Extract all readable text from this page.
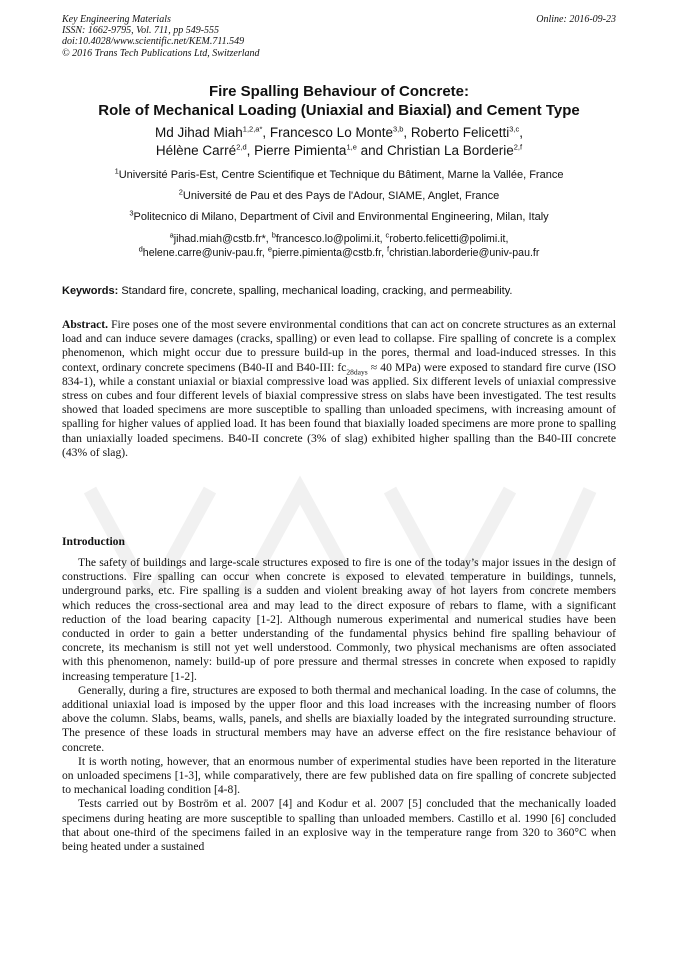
Key Engineering Materials
ISSN: 1662-9795, Vol. 711, pp 549-555
doi:10.4028/www.scientific.net/KEM.711.549
© 2016 Trans Tech Publications Ltd, Switzerland
Online: 2016-09-23
Fire Spalling Behaviour of Concrete:
Role of Mechanical Loading (Uniaxial and Biaxial) and Cement Type
Md Jihad Miah$^{1,2,a*}$, Francesco Lo Monte$^{3,b}$, Roberto Felicetti$^{3,c}$,
Hélène Carré$^{2,d}$, Pierre Pimienta$^{1,e}$ and Christian La Borderie$^{2,f}$
$^1$Université Paris-Est, Centre Scientifique et Technique du Bâtiment, Marne la Vallée, France
$^2$Université de Pau et des Pays de l'Adour, SIAME, Anglet, France
$^3$Politecnico di Milano, Department of Civil and Environmental Engineering, Milan, Italy
$^a$jihad.miah@cstb.fr*, $^b$francesco.lo@polimi.it, $^c$roberto.felicetti@polimi.it,
$^d$helene.carre@univ-pau.fr, $^e$pierre.pimienta@cstb.fr, $^f$christian.laborderie@univ-pau.fr
Keywords: Standard fire, concrete, spalling, mechanical loading, cracking, and permeability.
Abstract. Fire poses one of the most severe environmental conditions that can act on concrete structures as an external load and can induce severe damages (cracks, spalling) or even lead to collapse. Fire spalling of concrete is a complex phenomenon, which might occur due to pressure build-up in the pores, thermal and load-induced stresses. In this context, ordinary concrete specimens (B40-II and B40-III: $fc_{28days} \approx 40$ MPa) were exposed to standard fire curve (ISO 834-1), while a constant uniaxial or biaxial compressive load was applied. Six different levels of uniaxial compressive stress on cubes and four different levels of biaxial compressive stress on slabs have been investigated. The test results showed that loaded specimens are more susceptible to spalling than unloaded specimens, with increasing amount of spalling for higher values of applied load. It has been found that biaxially loaded specimens are more prone to spalling than uniaxially loaded specimens. B40-II concrete (3% of slag) exhibited higher spalling than the B40-III concrete (43% of slag).
Introduction

The safety of buildings and large-scale structures exposed to fire is one of the today’s major issues in the design of constructions. Fire spalling can occur when concrete is exposed to elevated temperature in buildings, tunnels, underground parks, etc. Fire spalling is a sudden and violent breaking away of hot layers from concrete members which reduces the cross-sectional area and may lead to the direct exposure of rebars to flame, with a significant reduction of the load bearing capacity [1-2]. Although numerous experimental and numerical studies have been conducted in order to gain a better understanding of the fundamental physics behind fire spalling behaviour of concrete, its mechanism is still not yet well understood. Commonly, two physical mechanisms are often associated with this phenomenon, namely: build-up of pore pressure and thermal stresses in concrete when exposed to rapidly increasing temperature [1-2].

Generally, during a fire, structures are exposed to both thermal and mechanical loading. In the case of columns, the additional uniaxial load is imposed by the upper floor and this load increases with the increasing number of floors above the column. Slabs, beams, walls, panels, and shells are biaxially loaded by the integrated surrounding structure. The presence of these loads in structural members may have an adverse effect on the fire resistance behaviour of concrete.

It is worth noting, however, that an enormous number of experimental studies have been reported in the literature on unloaded specimens [1-3], while comparatively, there are few published data on fire spalling of concrete subjected to mechanical loading condition [4-8].

Tests carried out by Boström et al. 2007 [4] and Kodur et al. 2007 [5] concluded that the mechanically loaded specimens during heating are more susceptible to spalling than unloaded members. Castillo et al. 1990 [6] concluded that about one-third of the specimens failed in an explosive way in the temperature range from 320 to 360°C when being heated under a sustained
